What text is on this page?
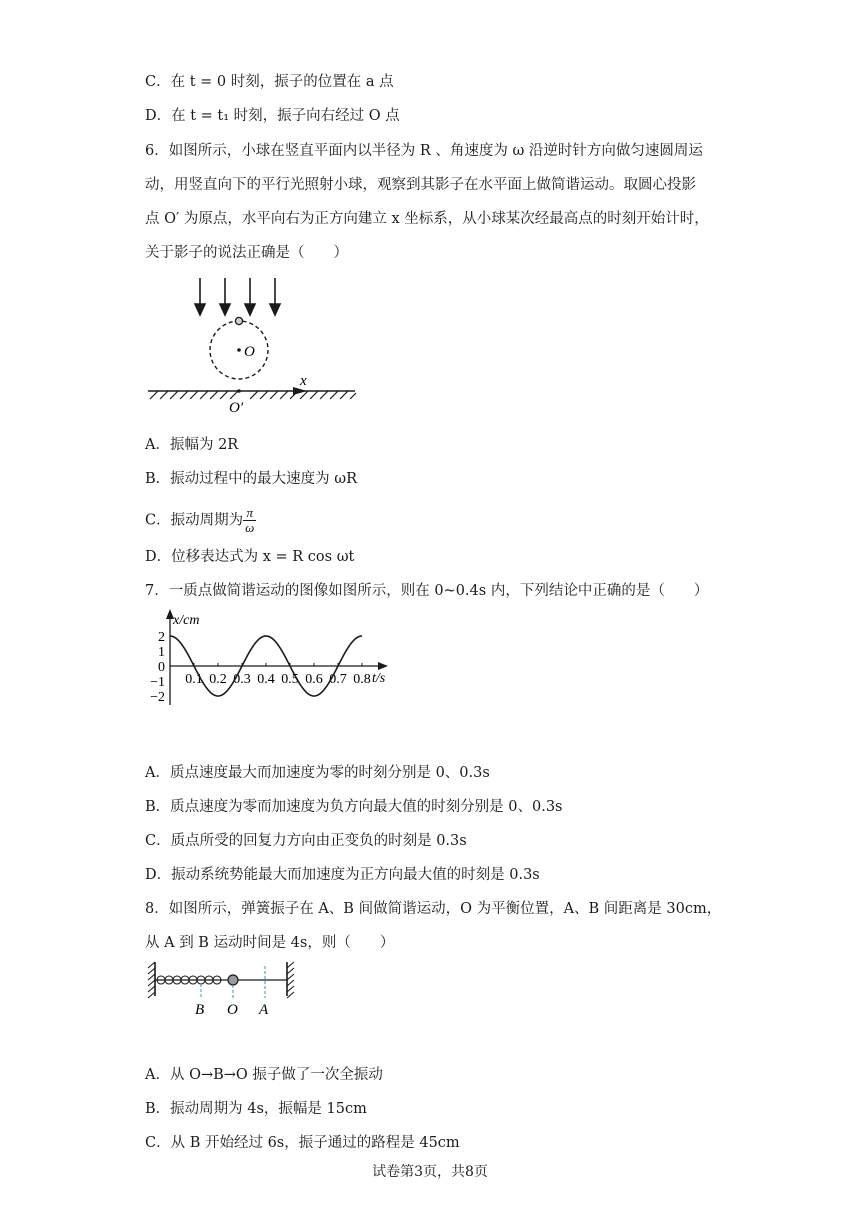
C．在 t = 0 时刻，振子的位置在 a 点
D．在 t = t₁ 时刻，振子向右经过 O 点
6．如图所示，小球在竖直平面内以半径为 R 、角速度为 ω 沿逆时针方向做匀速圆周运
动，用竖直向下的平行光照射小球，观察到其影子在水平面上做简谐运动。取圆心投影
点 O′ 为原点，水平向右为正方向建立 x 坐标系，从小球某次经最高点的时刻开始计时，
关于影子的说法正确是（　　）
O
x
O′
A．振幅为 2R
B．振动过程中的最大速度为 ωR
C．振动周期为 $\frac{\pi}{\omega}$
D．位移表达式为 x = R cos ωt
7．一质点做简谐运动的图像如图所示，则在 0~0.4s 内，下列结论中正确的是（　　）
x/cm
t/s
2
1
0
−1
−2
0.1 0.2 0.3 0.4 0.5 0.6 0.7 0.8
A．质点速度最大而加速度为零的时刻分别是 0、0.3s
B．质点速度为零而加速度为负方向最大值的时刻分别是 0、0.3s
C．质点所受的回复力方向由正变负的时刻是 0.3s
D．振动系统势能最大而加速度为正方向最大值的时刻是 0.3s
8．如图所示，弹簧振子在 A、B 间做简谐运动，O 为平衡位置，A、B 间距离是 30cm，
从 A 到 B 运动时间是 4s，则（　　）
B O A
A．从 O→B→O 振子做了一次全振动
B．振动周期为 4s，振幅是 15cm
C．从 B 开始经过 6s，振子通过的路程是 45cm
试卷第3页，共8页
